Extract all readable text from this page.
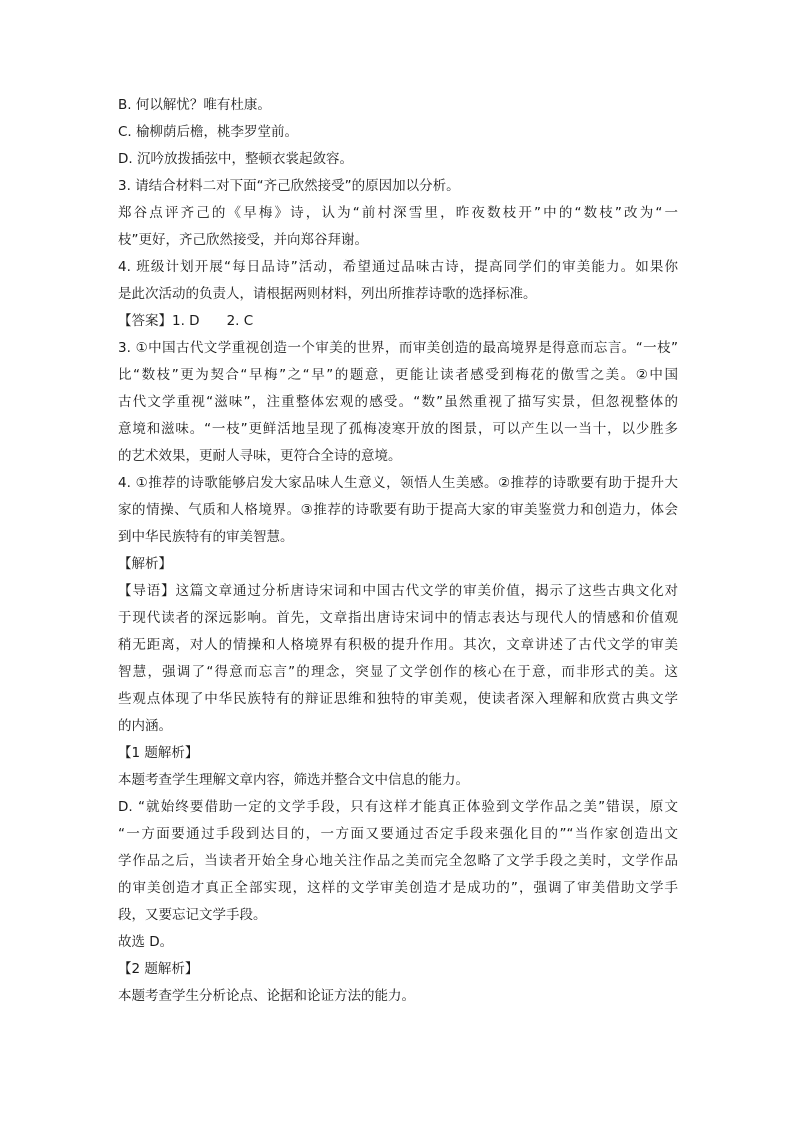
B. 何以解忧？唯有杜康。
C. 榆柳荫后檐，桃李罗堂前。
D. 沉吟放拨插弦中，整顿衣裳起敛容。
3. 请结合材料二对下面“齐己欣然接受”的原因加以分析。
郑谷点评齐己的《早梅》诗，认为“前村深雪里，昨夜数枝开”中的“数枝”改为“一
枝”更好，齐己欣然接受，并向郑谷拜谢。
4. 班级计划开展“每日品诗”活动，希望通过品味古诗，提高同学们的审美能力。如果你
是此次活动的负责人，请根据两则材料，列出所推荐诗歌的选择标准。
【答案】1. D　　2. C
3. ①中国古代文学重视创造一个审美的世界，而审美创造的最高境界是得意而忘言。“一枝”
比“数枝”更为契合“早梅”之“早”的题意，更能让读者感受到梅花的傲雪之美。②中国
古代文学重视“滋味”，注重整体宏观的感受。“数”虽然重视了描写实景，但忽视整体的
意境和滋味。“一枝”更鲜活地呈现了孤梅凌寒开放的图景，可以产生以一当十，以少胜多
的艺术效果，更耐人寻味，更符合全诗的意境。
4. ①推荐的诗歌能够启发大家品味人生意义，领悟人生美感。②推荐的诗歌要有助于提升大
家的情操、气质和人格境界。③推荐的诗歌要有助于提高大家的审美鉴赏力和创造力，体会
到中华民族特有的审美智慧。
【解析】
【导语】这篇文章通过分析唐诗宋词和中国古代文学的审美价值，揭示了这些古典文化对
于现代读者的深远影响。首先，文章指出唐诗宋词中的情志表达与现代人的情感和价值观
稍无距离，对人的情操和人格境界有积极的提升作用。其次，文章讲述了古代文学的审美
智慧，强调了“得意而忘言”的理念，突显了文学创作的核心在于意，而非形式的美。这
些观点体现了中华民族特有的辩证思维和独特的审美观，使读者深入理解和欣赏古典文学
的内涵。
【1 题解析】
本题考查学生理解文章内容，筛选并整合文中信息的能力。
D. “就始终要借助一定的文学手段，只有这样才能真正体验到文学作品之美”错误，原文
“一方面要通过手段到达目的，一方面又要通过否定手段来强化目的”“当作家创造出文
学作品之后，当读者开始全身心地关注作品之美而完全忽略了文学手段之美时，文学作品
的审美创造才真正全部实现，这样的文学审美创造才是成功的”，强调了审美借助文学手
段，又要忘记文学手段。
故选 D。
【2 题解析】
本题考查学生分析论点、论据和论证方法的能力。
